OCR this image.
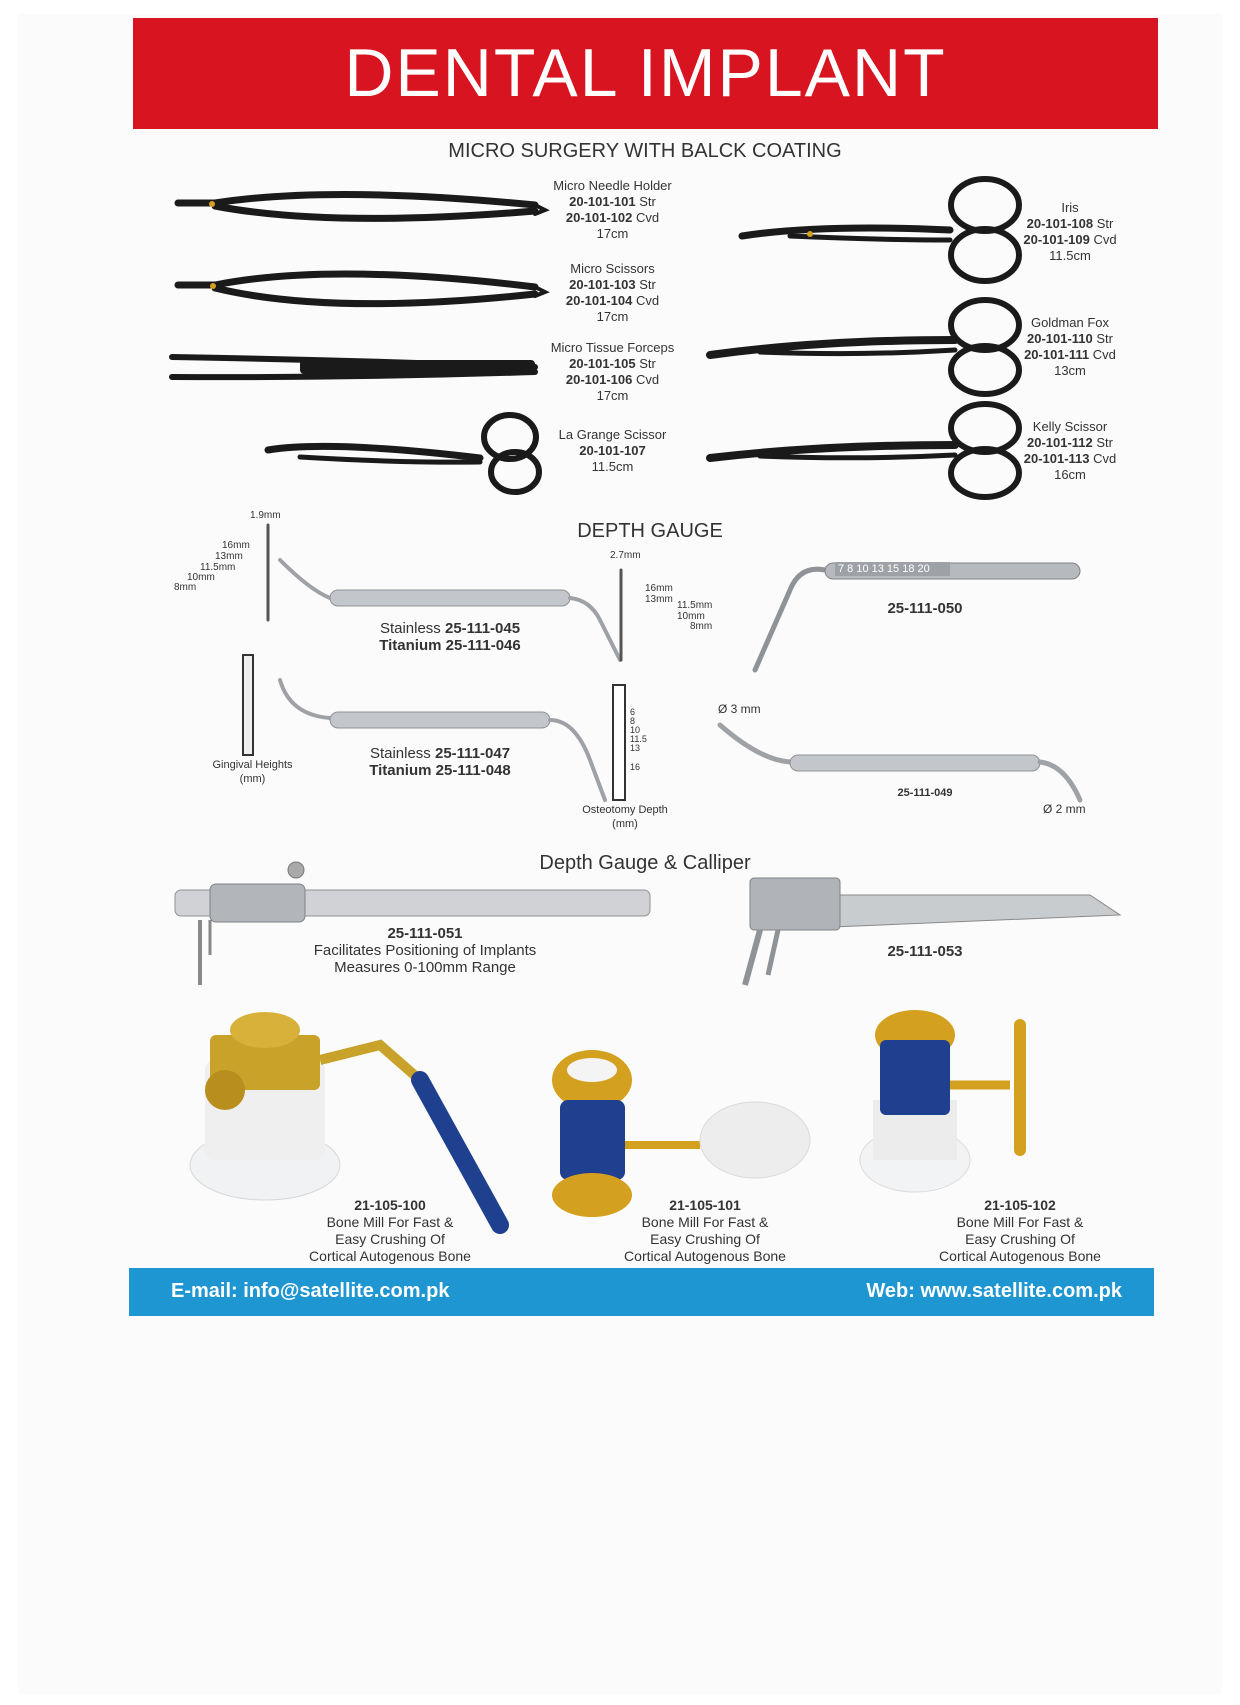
DENTAL IMPLANT
MICRO SURGERY WITH BALCK COATING
DEPTH GAUGE
Depth Gauge & Calliper
Micro Needle Holder
20-101-101 Str
20-101-102 Cvd
17cm
Micro Scissors
20-101-103 Str
20-101-104 Cvd
17cm
Micro Tissue Forceps
20-101-105 Str
20-101-106 Cvd
17cm
La Grange Scissor
20-101-107
11.5cm
Iris
20-101-108 Str
20-101-109 Cvd
11.5cm
Goldman Fox
20-101-110 Str
20-101-111 Cvd
13cm
Kelly Scissor
20-101-112 Str
20-101-113 Cvd
16cm
1.9mm
16mm
13mm
11.5mm
10mm
8mm
2.7mm
16mm
13mm
11.5mm
10mm
8mm
Stainless 25-111-045
Titanium 25-111-046
Stainless 25-111-047
Titanium 25-111-048
25-111-050
7 8 10 13 15 18 20
25-111-049
Ø 3 mm
Ø 2 mm
Gingival Heights
(mm)
Osteotomy Depth
(mm)
6
8
10
11.5
13
16
25-111-051
Facilitates Positioning of Implants
Measures 0-100mm Range
25-111-053
21-105-100
Bone Mill For Fast &
Easy Crushing Of
Cortical Autogenous Bone
21-105-101
Bone Mill For Fast &
Easy Crushing Of
Cortical Autogenous Bone
21-105-102
Bone Mill For Fast &
Easy Crushing Of
Cortical Autogenous Bone
E-mail: info@satellite.com.pk	Web: www.satellite.com.pk
